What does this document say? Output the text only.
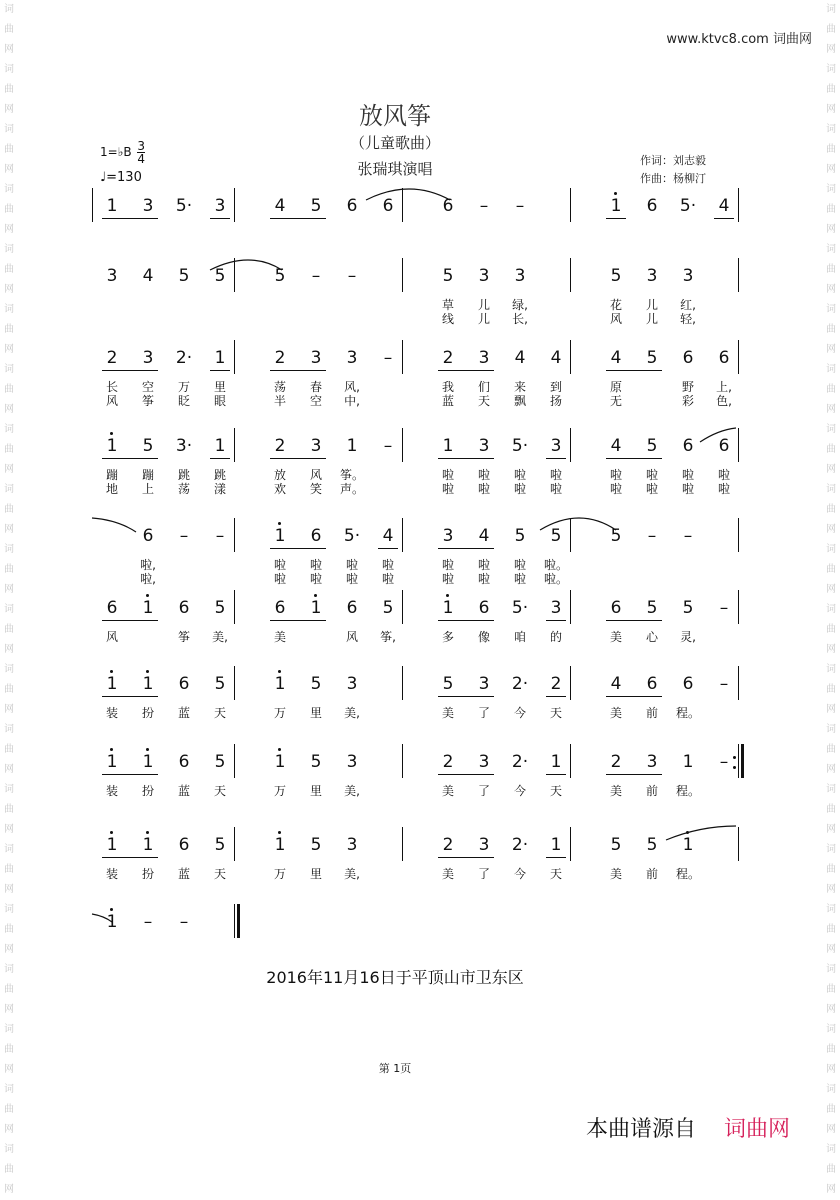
词
曲
网
词
曲
网
词
曲
网
词
曲
网
词
曲
网
词
曲
网
词
曲
网
词
曲
网
词
曲
网
词
曲
网
词
曲
网
词
曲
网
词
曲
网
词
曲
网
词
曲
网
词
曲
网
词
曲
网
词
曲
网
词
曲
网
词
曲
网
词
曲
网
词
曲
网
词
曲
网
词
曲
网
词
曲
网
词
曲
网
词
曲
网
词
曲
网
词
曲
网
词
曲
网
词
曲
网
词
曲
网
词
曲
网
词
曲
网
词
曲
网
词
曲
网
词
曲
网
词
曲
网
词
曲
网
词
曲
网
www.ktvc8.com 词曲网
放风筝
（儿童歌曲）
张瑞琪演唱	作词：刘志毅
作曲：杨柳汀
1=♭B $\frac{3}{4}$
♩=130
1	3	5·	3	4	5	6	6	6	–	–	1	6	5·	4
3	4	5	5	5	–	–	5	3	3	5	3	3
草	儿	绿,	花	儿	红,
线	儿	长,	风	儿	轻,
2	3	2·	1	2	3	3	–	2	3	4	4	4	5	6	6
长	空	万	里	荡	春	风,	我	们	来	到	原	野	上,
风	筝	眨	眼	半	空	中,	蓝	天	飘	扬	无	彩	色,
1	5	3·	1	2	3	1	–	1	3	5·	3	4	5	6	6
蹦	蹦	跳	跳	放	风	筝。	啦	啦	啦	啦	啦	啦	啦	啦
地	上	荡	漾	欢	笑	声。	啦	啦	啦	啦	啦	啦	啦	啦
6	–	–	1	6	5·	4	3	4	5	5	5	–	–
啦,	啦	啦	啦	啦	啦	啦	啦	啦。
啦,	啦	啦	啦	啦	啦	啦	啦	啦。
6	1	6	5	6	1	6	5	1	6	5·	3	6	5	5	–
风	筝	美,	美	风	筝,	多	像	咱	的	美	心	灵,
1	1	6	5	1	5	3	5	3	2·	2	4	6	6	–
装	扮	蓝	天	万	里	美,	美	了	今	天	美	前	程。
1	1	6	5	1	5	3	2	3	2·	1	2	3	1	–
装	扮	蓝	天	万	里	美,	美	了	今	天	美	前	程。
1	1	6	5	1	5	3	2	3	2·	1	5	5	1
装	扮	蓝	天	万	里	美,	美	了	今	天	美	前	程。
1	–	–
2016年11月16日于平顶山市卫东区
第 1页
本曲谱源自 词曲网
